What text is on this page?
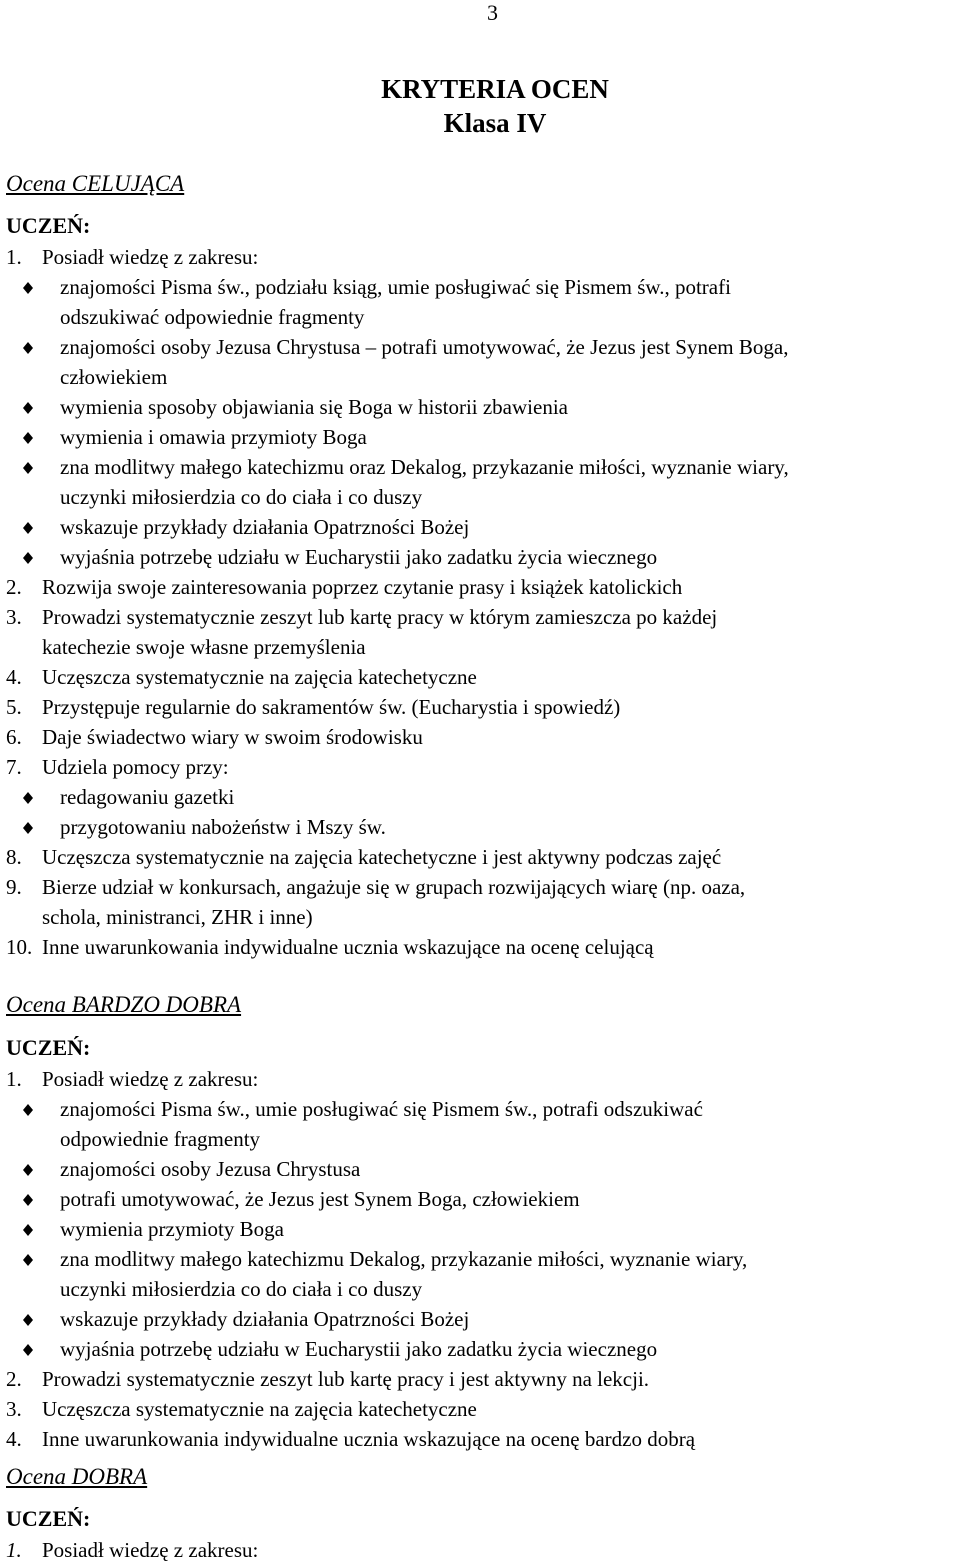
3
KRYTERIA OCEN
Klasa IV
Ocena CELUJĄCA
UCZEŃ:
1. Posiadł wiedzę z zakresu:
znajomości Pisma św., podziału ksiąg, umie posługiwać się Pismem św., potrafi
odszukiwać odpowiednie fragmenty
znajomości osoby Jezusa Chrystusa – potrafi umotywować, że Jezus jest Synem Boga,
człowiekiem
wymienia sposoby objawiania się Boga w historii zbawienia
wymienia i omawia przymioty Boga
zna modlitwy małego katechizmu oraz Dekalog, przykazanie miłości, wyznanie wiary,
uczynki miłosierdzia co do ciała i co duszy
wskazuje przykłady działania Opatrzności Bożej
wyjaśnia potrzebę udziału w Eucharystii jako zadatku życia wiecznego
2. Rozwija swoje zainteresowania poprzez czytanie prasy i książek katolickich
3. Prowadzi systematycznie zeszyt lub kartę pracy w którym zamieszcza po każdej
katechezie swoje własne przemyślenia
4. Uczęszcza systematycznie na zajęcia katechetyczne
5. Przystępuje regularnie do sakramentów św. (Eucharystia i spowiedź)
6. Daje świadectwo wiary w swoim środowisku
7. Udziela pomocy przy:
redagowaniu gazetki
przygotowaniu nabożeństw i Mszy św.
8. Uczęszcza systematycznie na zajęcia katechetyczne i jest aktywny podczas zajęć
9. Bierze udział w konkursach, angażuje się w grupach rozwijających wiarę (np. oaza,
schola, ministranci, ZHR i inne)
10. Inne uwarunkowania indywidualne ucznia wskazujące na ocenę celującą
Ocena BARDZO DOBRA
UCZEŃ:
1. Posiadł wiedzę z zakresu:
znajomości Pisma św., umie posługiwać się Pismem św., potrafi odszukiwać
odpowiednie fragmenty
znajomości osoby Jezusa Chrystusa
potrafi umotywować, że Jezus jest Synem Boga, człowiekiem
wymienia przymioty Boga
zna modlitwy małego katechizmu Dekalog, przykazanie miłości, wyznanie wiary,
uczynki miłosierdzia co do ciała i co duszy
wskazuje przykłady działania Opatrzności Bożej
wyjaśnia potrzebę udziału w Eucharystii jako zadatku życia wiecznego
2. Prowadzi systematycznie zeszyt lub kartę pracy i jest aktywny na lekcji.
3. Uczęszcza systematycznie na zajęcia katechetyczne
4. Inne uwarunkowania indywidualne ucznia wskazujące na ocenę bardzo dobrą
Ocena DOBRA
UCZEŃ:
1. Posiadł wiedzę z zakresu:
